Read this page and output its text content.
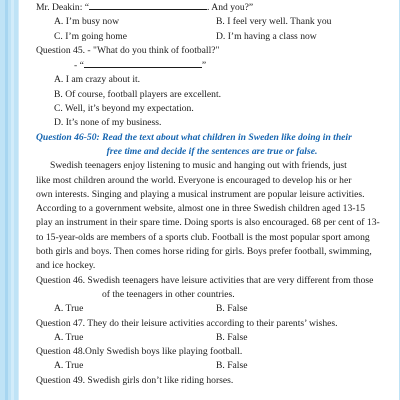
Mr. Deakin: “	. And you?”
A. I’m busy now	B. I feel very well. Thank you
C. I’m going home	D. I’m having a class now
Question 45. - "What do you think of football?"
- “	”
A. I am crazy about it.
B. Of course, football players are excellent.
C. Well, it’s beyond my expectation.
D. It’s none of my business.
Question 46-50: Read the text about what children in Sweden like doing in their
free time and decide if the sentences are true or false.
Swedish teenagers enjoy listening to music and hanging out with friends, just
like most children around the world. Everyone is encouraged to develop his or her
own interests. Singing and playing a musical instrument are popular leisure activities.
According to a government website, almost one in three Swedish children aged 13-15
play an instrument in their spare time. Doing sports is also encouraged. 68 per cent of 13-
to 15-year-olds are members of a sports club. Football is the most popular sport among
both girls and boys. Then comes horse riding for girls. Boys prefer football, swimming,
and ice hockey.
Question 46. Swedish teenagers have leisure activities that are very different from those
of the teenagers in other countries.
A. True	B. False
Question 47. They do their leisure activities according to their parents’ wishes.
A. True	B. False
Question 48.Only Swedish boys like playing football.
A. True	B. False
Question 49. Swedish girls don’t like riding horses.
